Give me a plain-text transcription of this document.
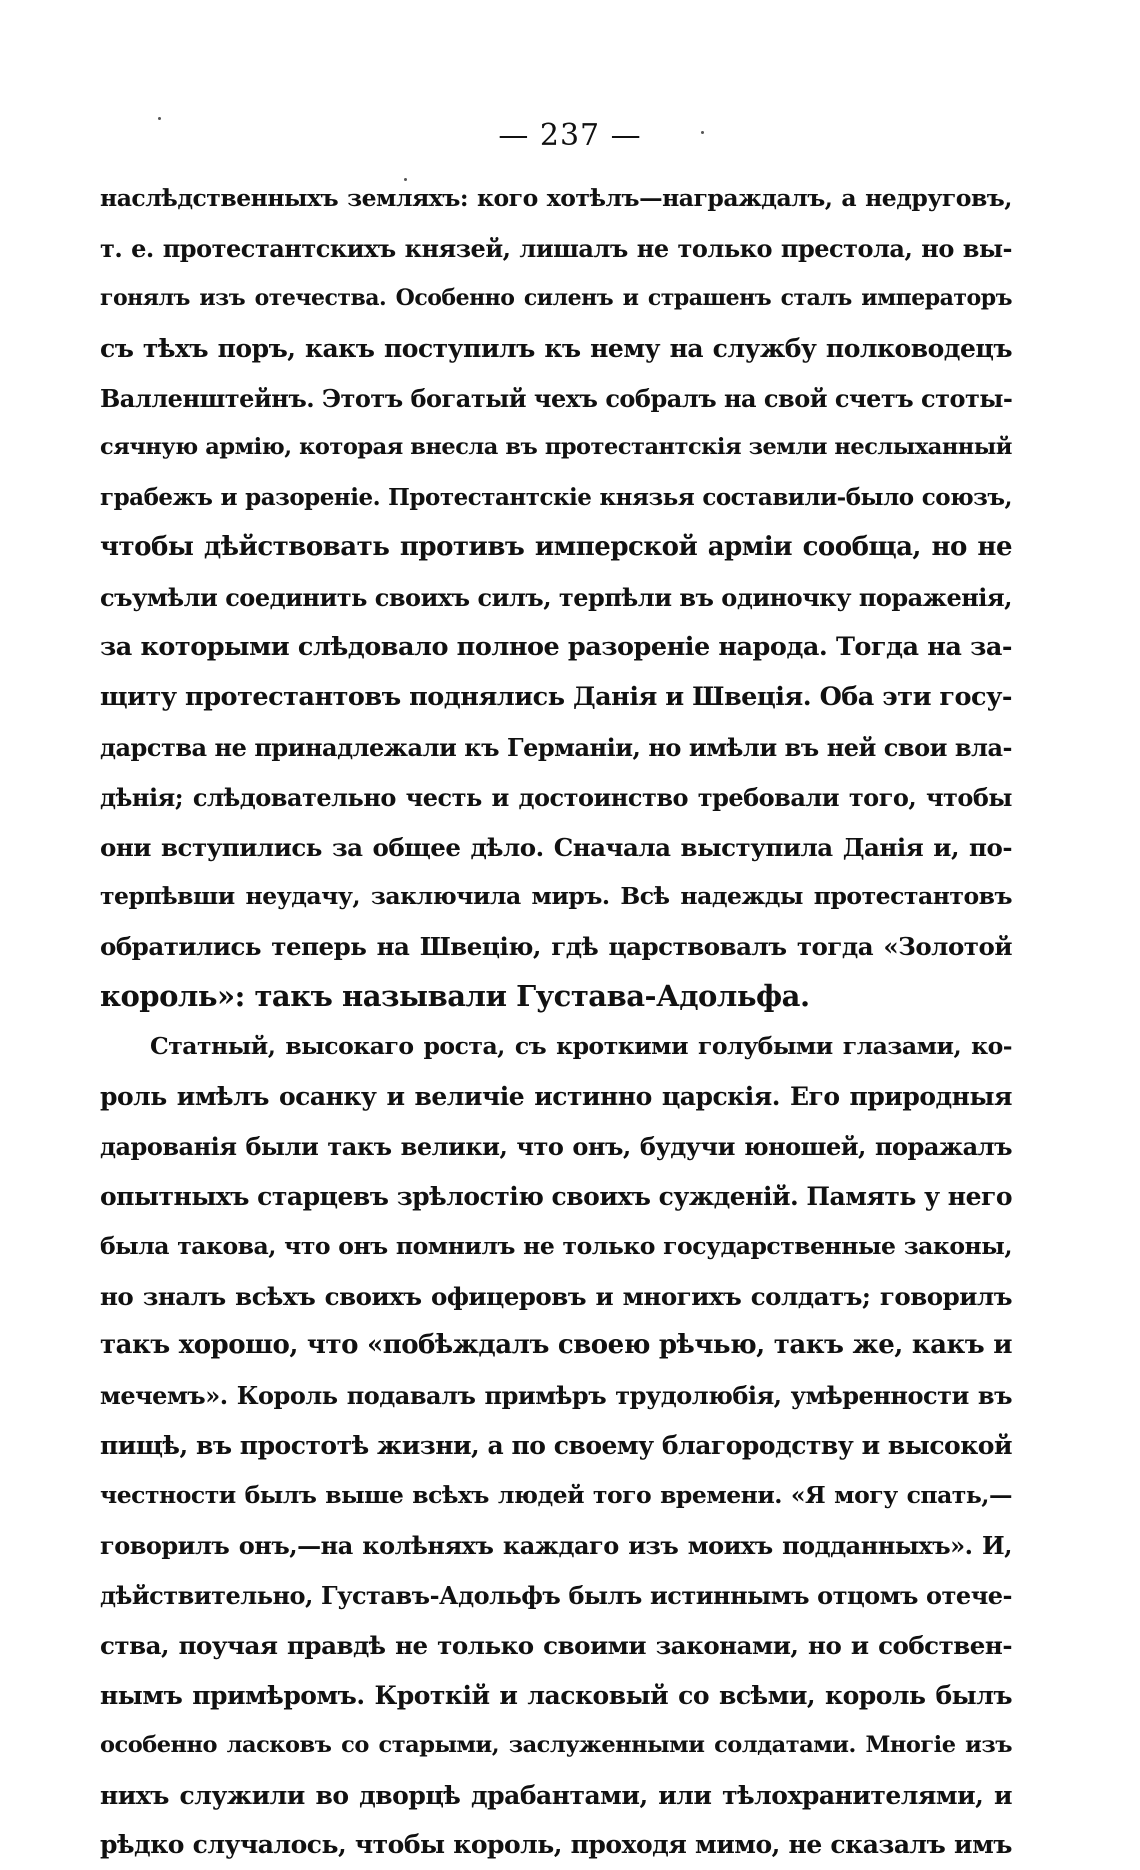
— 237 —
наслѣдственныхъ земляхъ: кого хотѣлъ—награждалъ, а недруговъ,
т. е. протестантскихъ князей, лишалъ не только престола, но вы-
гонялъ изъ отечества. Особенно силенъ и страшенъ сталъ императоръ
съ тѣхъ поръ, какъ поступилъ къ нему на службу полководецъ
Валленштейнъ. Этотъ богатый чехъ собралъ на свой счетъ стоты-
сячную армію, которая внесла въ протестантскія земли неслыханный
грабежъ и разореніе. Протестантскіе князья составили-было союзъ,
чтобы дѣйствовать противъ имперской арміи сообща, но не
съумѣли соединить своихъ силъ, терпѣли въ одиночку пораженія,
за которыми слѣдовало полное разореніе народа. Тогда на за-
щиту протестантовъ поднялись Данія и Швеція. Оба эти госу-
дарства не принадлежали къ Германіи, но имѣли въ ней свои вла-
дѣнія; слѣдовательно честь и достоинство требовали того, чтобы
они вступились за общее дѣло. Сначала выступила Данія и, по-
терпѣвши неудачу, заключила миръ. Всѣ надежды протестантовъ
обратились теперь на Швецію, гдѣ царствовалъ тогда «Золотой
король»: такъ называли Густава-Адольфа.
Статный, высокаго роста, съ кроткими голубыми глазами, ко-
роль имѣлъ осанку и величіе истинно царскія. Его природныя
дарованія были такъ велики, что онъ, будучи юношей, поражалъ
опытныхъ старцевъ зрѣлостію своихъ сужденій. Память у него
была такова, что онъ помнилъ не только государственные законы,
но зналъ всѣхъ своихъ офицеровъ и многихъ солдатъ; говорилъ
такъ хорошо, что «побѣждалъ своею рѣчью, такъ же, какъ и
мечемъ». Король подавалъ примѣръ трудолюбія, умѣренности въ
пищѣ, въ простотѣ жизни, а по своему благородству и высокой
честности былъ выше всѣхъ людей того времени. «Я могу спать,—
говорилъ онъ,—на колѣняхъ каждаго изъ моихъ подданныхъ». И,
дѣйствительно, Густавъ-Адольфъ былъ истиннымъ отцомъ отече-
ства, поучая правдѣ не только своими законами, но и собствен-
нымъ примѣромъ. Кроткій и ласковый со всѣми, король былъ
особенно ласковъ со старыми, заслуженными солдатами. Многіе изъ
нихъ служили во дворцѣ драбантами, или тѣлохранителями, и
рѣдко случалось, чтобы король, проходя мимо, не сказалъ имъ
